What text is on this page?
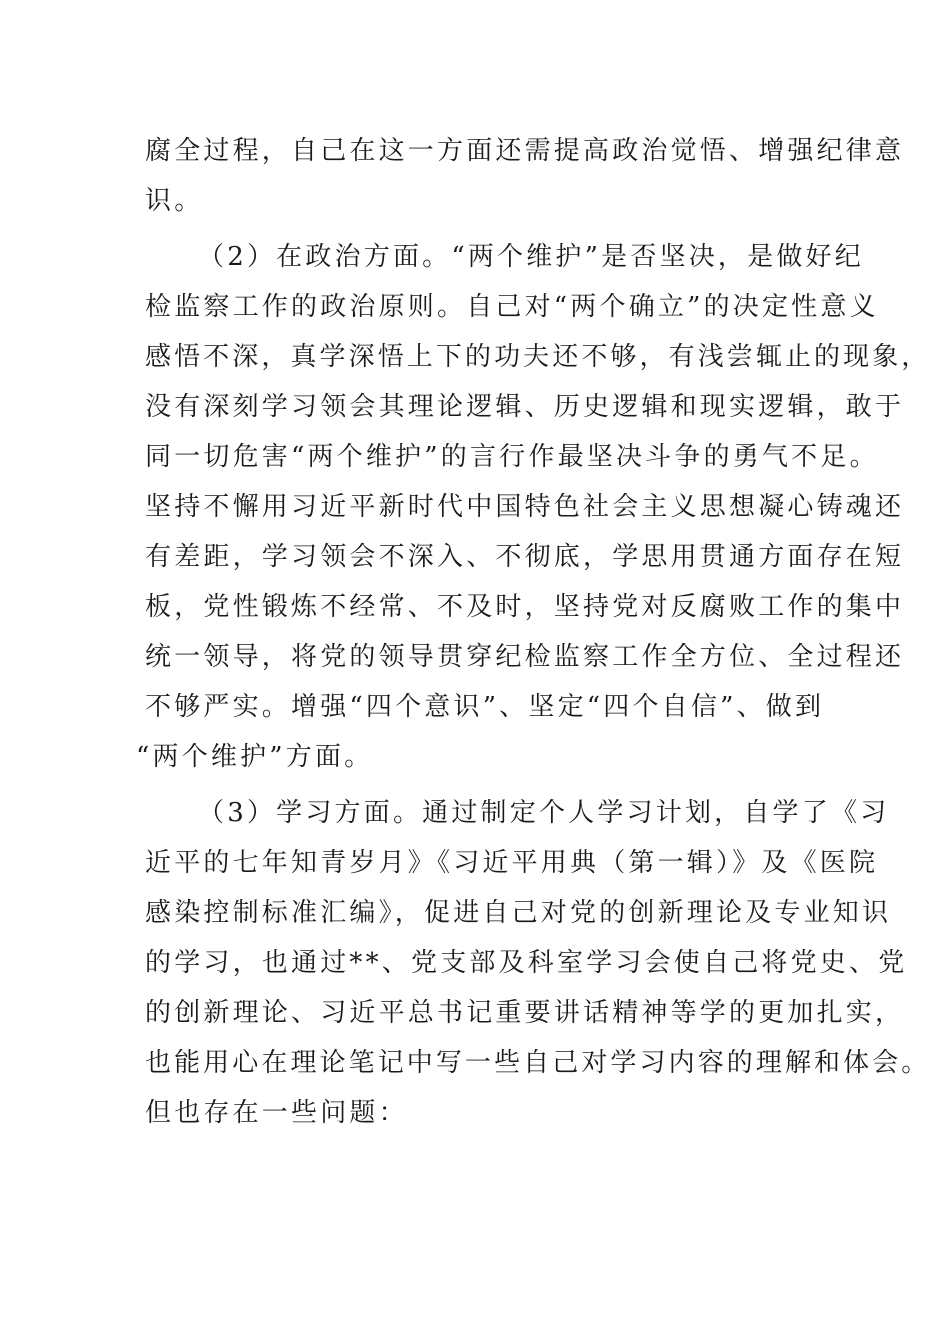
腐全过程，自己在这一方面还需提高政治觉悟、增强纪律意
识。
（2）在政治方面。“两个维护”是否坚决，是做好纪
检监察工作的政治原则。自己对“两个确立”的决定性意义
感悟不深，真学深悟上下的功夫还不够，有浅尝辄止的现象，
没有深刻学习领会其理论逻辑、历史逻辑和现实逻辑，敢于
同一切危害“两个维护”的言行作最坚决斗争的勇气不足。
坚持不懈用习近平新时代中国特色社会主义思想凝心铸魂还
有差距，学习领会不深入、不彻底，学思用贯通方面存在短
板，党性锻炼不经常、不及时，坚持党对反腐败工作的集中
统一领导，将党的领导贯穿纪检监察工作全方位、全过程还
不够严实。增强“四个意识”、坚定“四个自信”、做到
“两个维护”方面。
（3）学习方面。通过制定个人学习计划，自学了《习
近平的七年知青岁月》《习近平用典（第一辑）》及《医院
感染控制标准汇编》，促进自己对党的创新理论及专业知识
的学习，也通过**、党支部及科室学习会使自己将党史、党
的创新理论、习近平总书记重要讲话精神等学的更加扎实，
也能用心在理论笔记中写一些自己对学习内容的理解和体会。
但也存在一些问题：
